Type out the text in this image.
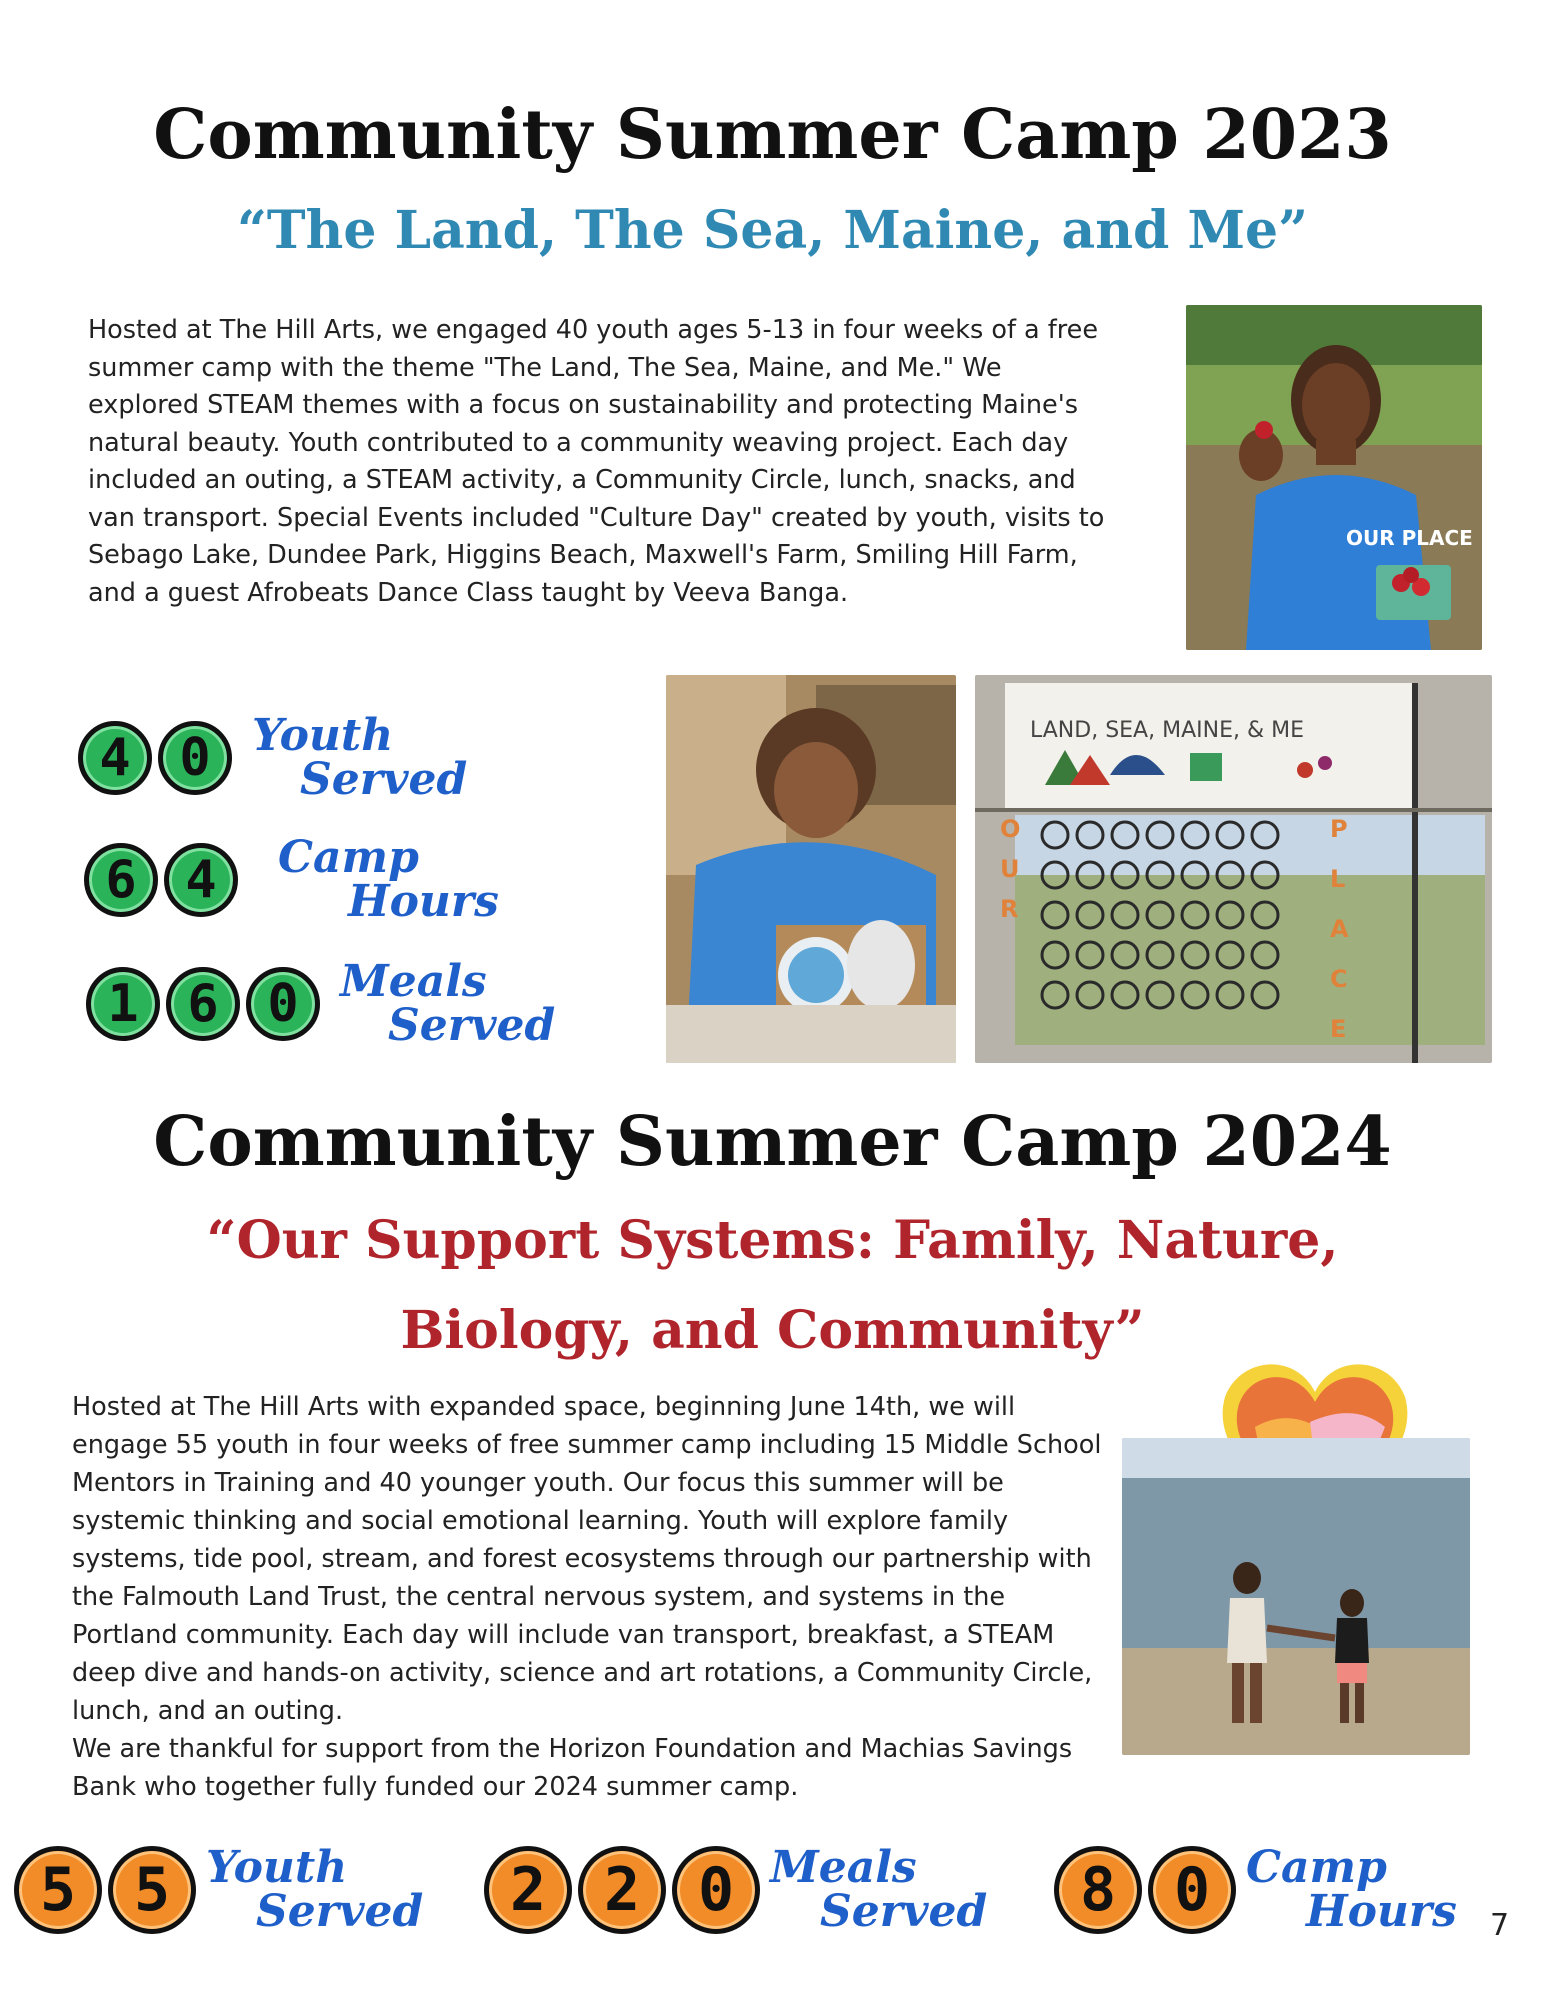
Community Summer Camp 2023
“The Land, The Sea, Maine, and Me”

Hosted at The Hill Arts, we engaged 40 youth ages 5-13 in four weeks of a free summer camp with the theme "The Land, The Sea, Maine, and Me." We explored STEAM themes with a focus on sustainability and protecting Maine's natural beauty. Youth contributed to a community weaving project. Each day included an outing, a STEAM activity, a Community Circle, lunch, snacks, and van transport. Special Events included "Culture Day" created by youth, visits to Sebago Lake, Dundee Park, Higgins Beach, Maxwell's Farm, Smiling Hill Farm, and a guest Afrobeats Dance Class taught by Veeva Banga.

OUR PLACE
4 0 Youth
Served
6 4	Camp
Hours
1 6 0 Meals
Served
LAND, SEA, MAINE, & ME
O
U
R
P
L
A
C
E
Community Summer Camp 2024
“Our Support Systems: Family, Nature,
Biology, and Community”

Hosted at The Hill Arts with expanded space, beginning June 14th, we will engage 55 youth in four weeks of free summer camp including 15 Middle School Mentors in Training and 40 younger youth. Our focus this summer will be systemic thinking and social emotional learning. Youth will explore family systems, tide pool, stream, and forest ecosystems through our partnership with the Falmouth Land Trust, the central nervous system, and systems in the Portland community. Each day will include van transport, breakfast, a STEAM deep dive and hands-on activity, science and art rotations, a Community Circle, lunch, and an outing.

We are thankful for support from the Horizon Foundation and Machias Savings Bank who together fully funded our 2024 summer camp.

5 5 Youth
Served	2 2 0 Meals
Served	8 0 Camp
Hours 7
